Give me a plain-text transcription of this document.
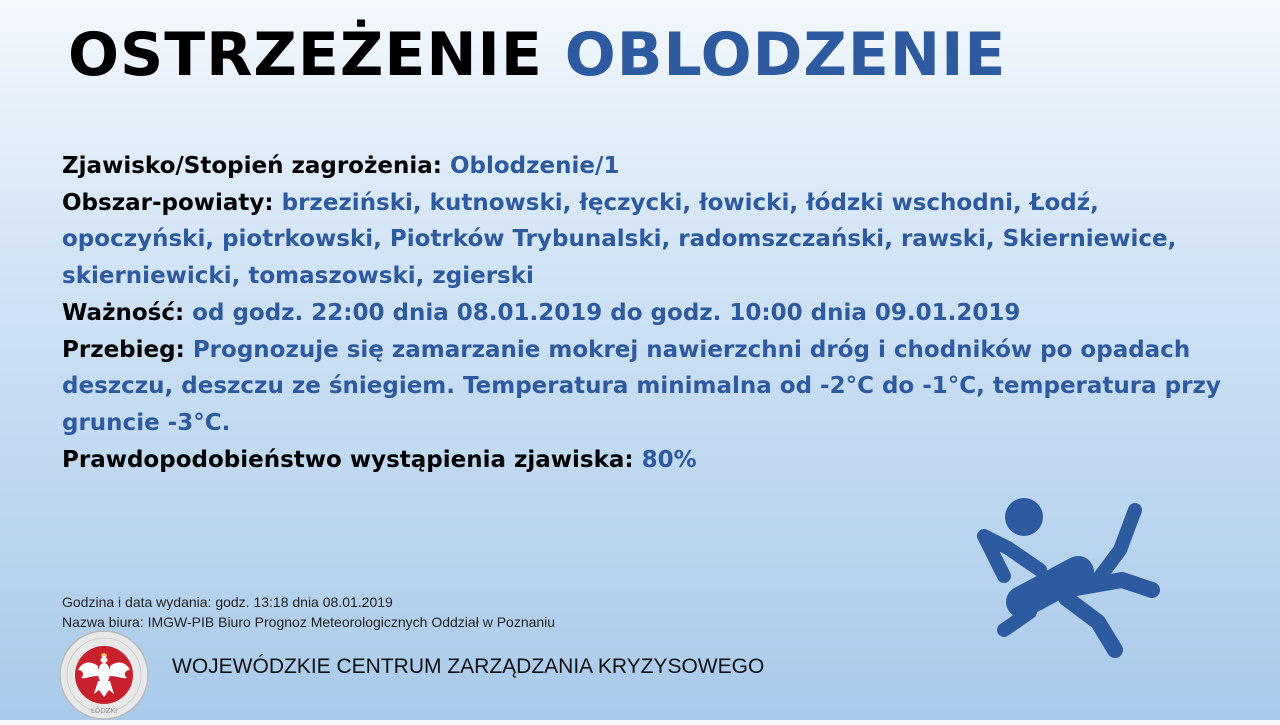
OSTRZEŻENIE OBLODZENIE

Zjawisko/Stopień zagrożenia: Oblodzenie/1

Obszar-powiaty: brzeziński, kutnowski, łęczycki, łowicki, łódzki wschodni, Łodź, opoczyński, piotrkowski, Piotrków Trybunalski, radomszczański, rawski, Skierniewice, skierniewicki, tomaszowski, zgierski

Ważność: od godz. 22:00 dnia 08.01.2019 do godz. 10:00 dnia 09.01.2019

Przebieg: Prognozuje się zamarzanie mokrej nawierzchni dróg i chodników po opadach deszczu, deszczu ze śniegiem. Temperatura minimalna od -2°C do -1°C, temperatura przy gruncie -3°C.

Prawdopodobieństwo wystąpienia zjawiska: 80%

Godzina i data wydania: godz. 13:18 dnia 08.01.2019
Nazwa biura: IMGW-PIB Biuro Prognoz Meteorologicznych Oddział w Poznaniu
ŁÓDZKI

WOJEWÓDZKIE CENTRUM ZARZĄDZANIA KRYZYSOWEGO
